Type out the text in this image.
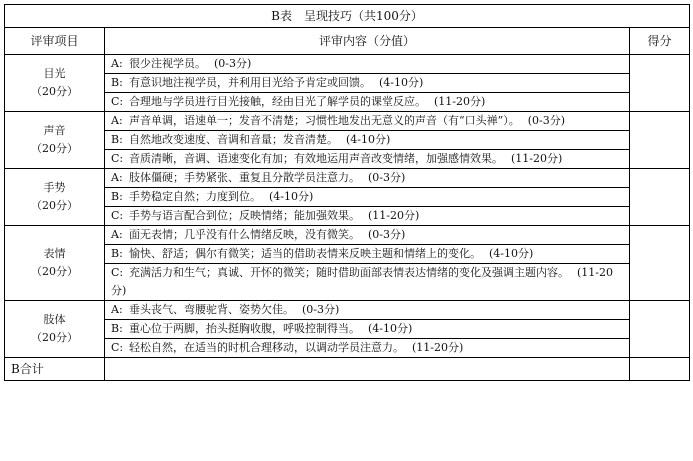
B表　呈现技巧（共100分）		
评审项目	评审内容（分值）	得分

目光
（20分）	A: 很少注视学员。 (0-3分)	
	B: 有意识地注视学员，并利用目光给予肯定或回馈。 (4-10分)	
	C: 合理地与学员进行目光接触，经由目光了解学员的课堂反应。 (11-20分)	

声音
（20分）	A: 声音单调，语速单一；发音不清楚；习惯性地发出无意义的声音（有“口头禅”）。 (0-3分)	
	B: 自然地改变速度、音调和音量；发音清楚。 (4-10分)	
	C: 音质清晰，音调、语速变化有加；有效地运用声音改变情绪，加强感情效果。 (11-20分)	

手势
（20分）	A: 肢体僵硬；手势紧张、重复且分散学员注意力。 (0-3分)	
	B: 手势稳定自然；力度到位。 (4-10分)	
	C: 手势与语言配合到位；反映情绪；能加强效果。 (11-20分)	

表情
（20分）	A: 面无表情；几乎没有什么情绪反映，没有微笑。 (0-3分)	
	B: 愉快、舒适；偶尔有微笑；适当的借助表情来反映主题和情绪上的变化。 (4-10分)	
	C: 充满活力和生气；真诚、开怀的微笑；随时借助面部表情表达情绪的变化及强调主题内容。 (11-20分)	

肢体
（20分）	A: 垂头丧气、弯腰驼背、姿势欠佳。 (0-3分)	
	B: 重心位于两脚，抬头挺胸收腹，呼吸控制得当。 (4-10分)	
	C: 轻松自然，在适当的时机合理移动，以调动学员注意力。 (11-20分)	
B合计		
